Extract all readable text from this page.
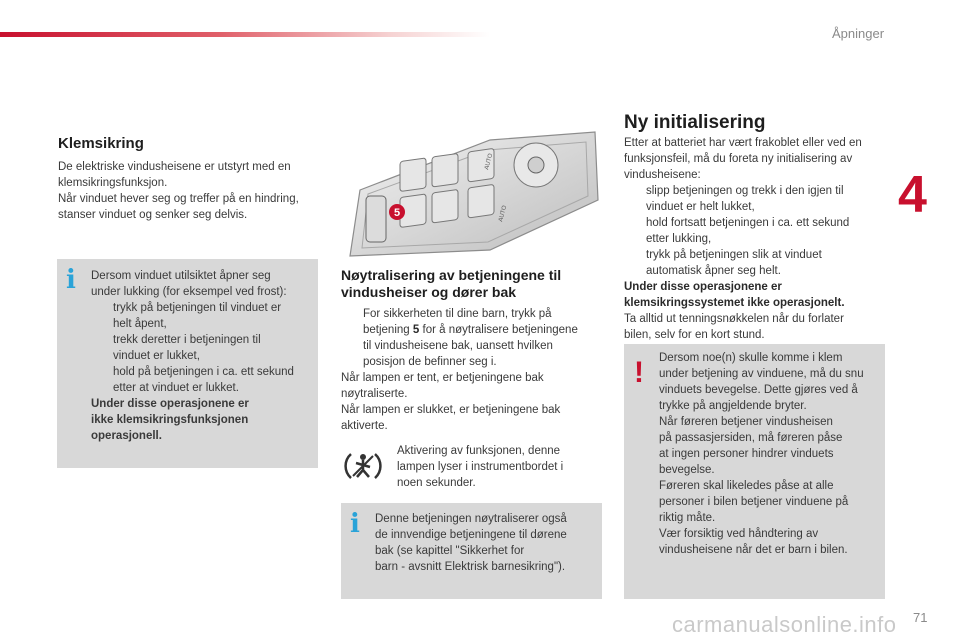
Åpninger
4
Klemsikring
De elektriske vindusheisene er utstyrt med en
klemsikringsfunksjon.
Når vinduet hever seg og treffer på en hindring,
stanser vinduet og senker seg delvis.
i Dersom vinduet utilsiktet åpner seg
under lukking (for eksempel ved frost):
trykk på betjeningen til vinduet er
helt åpent,
trekk deretter i betjeningen til
vinduet er lukket,
hold på betjeningen i ca. ett sekund
etter at vinduet er lukket.
Under disse operasjonene er
ikke klemsikringsfunksjonen
operasjonell.
AUTO
AUTO
5
Nøytralisering av betjeningene til
vindusheiser og dører bak
For sikkerheten til dine barn, trykk på
betjening 5 for å nøytralisere betjeningene
til vindusheisene bak, uansett hvilken
posisjon de befinner seg i.
Når lampen er tent, er betjeningene bak
nøytraliserte.
Når lampen er slukket, er betjeningene bak
aktiverte.
Aktivering av funksjonen, denne
lampen lyser i instrumentbordet i
noen sekunder.
i Denne betjeningen nøytraliserer også
de innvendige betjeningene til dørene
bak (se kapittel "Sikkerhet for
barn - avsnitt Elektrisk barnesikring").
Ny initialisering
Etter at batteriet har vært frakoblet eller ved en
funksjonsfeil, må du foreta ny initialisering av
vindusheisene:
slipp betjeningen og trekk i den igjen til
vinduet er helt lukket,
hold fortsatt betjeningen i ca. ett sekund
etter lukking,
trykk på betjeningen slik at vinduet
automatisk åpner seg helt.
Under disse operasjonene er
klemsikringssystemet ikke operasjonelt.
Ta alltid ut tenningsnøkkelen når du forlater
bilen, selv for en kort stund.
! Dersom noe(n) skulle komme i klem
under betjening av vinduene, må du snu
vinduets bevegelse. Dette gjøres ved å
trykke på angjeldende bryter.
Når føreren betjener vindusheisen
på passasjersiden, må føreren påse
at ingen personer hindrer vinduets
bevegelse.
Føreren skal likeledes påse at alle
personer i bilen betjener vinduene på
riktig måte.
Vær forsiktig ved håndtering av
vindusheisene når det er barn i bilen.
carmanualsonline.info 71
